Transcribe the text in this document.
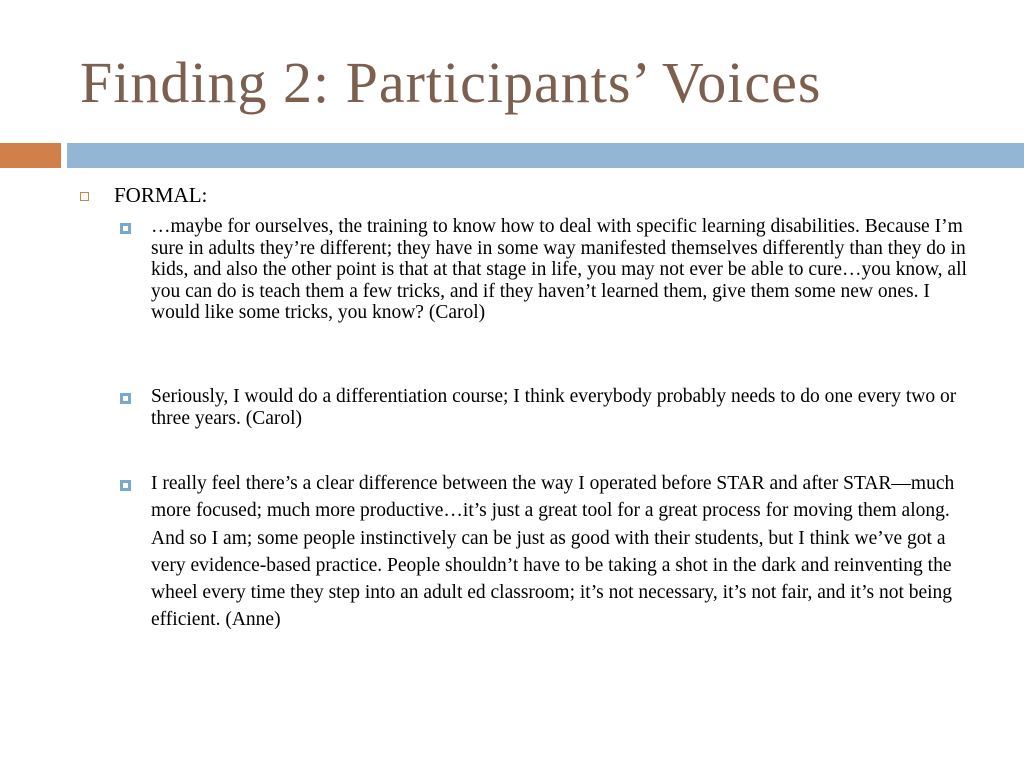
Finding 2: Participants’ Voices
FORMAL:

…maybe for ourselves, the training to know how to deal with specific learning disabilities. Because I’m sure in adults they’re different; they have in some way manifested themselves differently than they do in kids, and also the other point is that at that stage in life, you may not ever be able to cure…you know, all you can do is teach them a few tricks, and if they haven’t learned them, give them some new ones. I would like some tricks, you know? (Carol)

Seriously, I would do a differentiation course; I think everybody probably needs to do one every two or three years. (Carol)

I really feel there’s a clear difference between the way I operated before STAR and after STAR—much more focused; much more productive…it’s just a great tool for a great process for moving them along. And so I am; some people instinctively can be just as good with their students, but I think we’ve got a very evidence-based practice. People shouldn’t have to be taking a shot in the dark and reinventing the wheel every time they step into an adult ed classroom; it’s not necessary, it’s not fair, and it’s not being efficient. (Anne)
